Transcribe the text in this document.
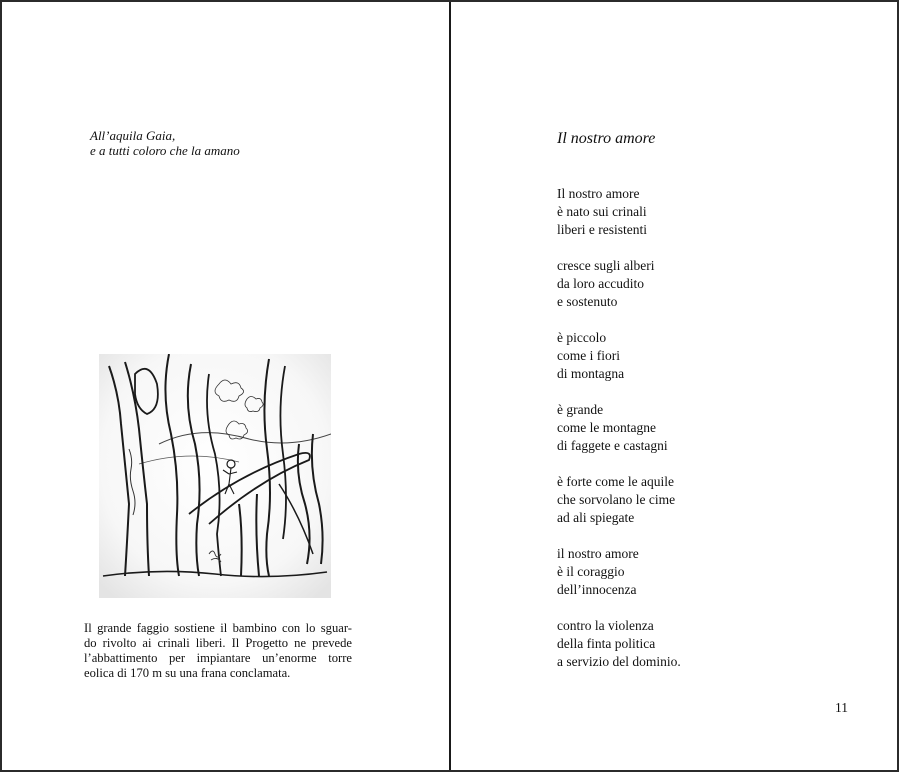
All’aquila Gaia,
e a tutti coloro che la amano
Il grande faggio sostiene il bambino con lo sguar-
do rivolto ai crinali liberi. Il Progetto ne prevede
l’abbattimento per impiantare un’enorme torre
eolica di 170 m su una frana conclamata.
Il nostro amore
Il nostro amore
è nato sui crinali
liberi e resistenti
cresce sugli alberi
da loro accudito
e sostenuto
è piccolo
come i fiori
di montagna
è grande
come le montagne
di faggete e castagni
è forte come le aquile
che sorvolano le cime
ad ali spiegate
il nostro amore
è il coraggio
dell’innocenza
contro la violenza
della finta politica
a servizio del dominio.
11
